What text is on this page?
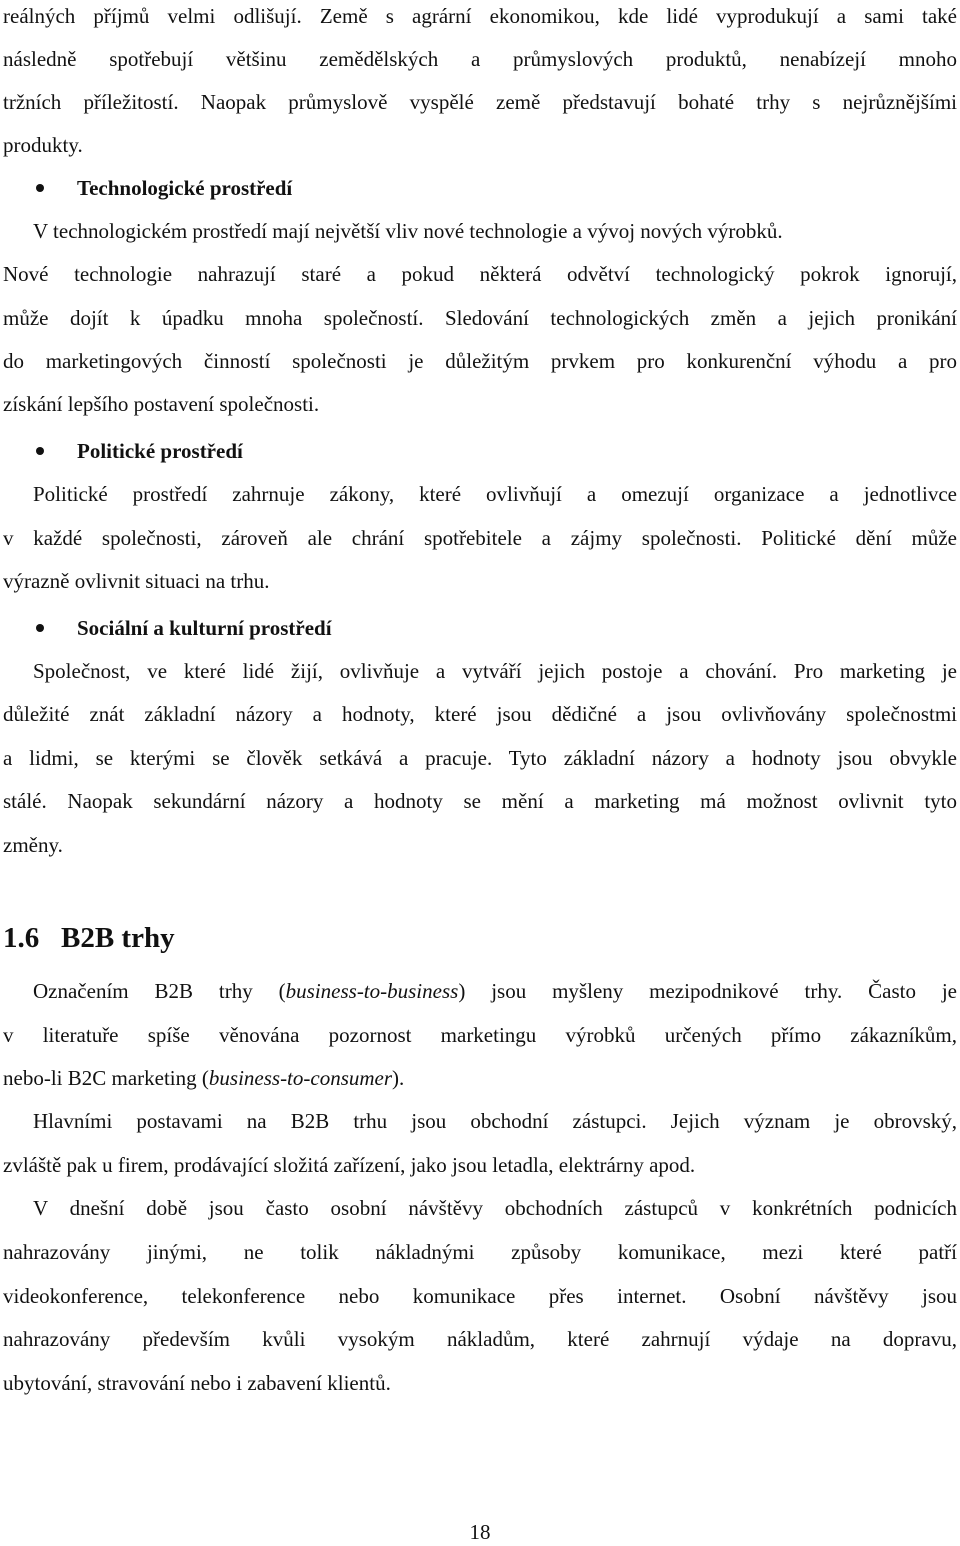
reálných příjmů velmi odlišují. Země s agrární ekonomikou, kde lidé vyprodukují a sami také
následně spotřebují většinu zemědělských a průmyslových produktů, nenabízejí mnoho
tržních příležitostí. Naopak průmyslově vyspělé země představují bohaté trhy s nejrůznějšími
produkty.
Technologické prostředí
V technologickém prostředí mají největší vliv nové technologie a vývoj nových výrobků.
Nové technologie nahrazují staré a pokud některá odvětví technologický pokrok ignorují,
může dojít k úpadku mnoha společností. Sledování technologických změn a jejich pronikání
do marketingových činností společnosti je důležitým prvkem pro konkurenční výhodu a pro
získání lepšího postavení společnosti.
Politické prostředí
Politické prostředí zahrnuje zákony, které ovlivňují a omezují organizace a jednotlivce
v každé společnosti, zároveň ale chrání spotřebitele a zájmy společnosti. Politické dění může
výrazně ovlivnit situaci na trhu.
Sociální a kulturní prostředí
Společnost, ve které lidé žijí, ovlivňuje a vytváří jejich postoje a chování. Pro marketing je
důležité znát základní názory a hodnoty, které jsou dědičné a jsou ovlivňovány společnostmi
a lidmi, se kterými se člověk setkává a pracuje. Tyto základní názory a hodnoty jsou obvykle
stálé. Naopak sekundární názory a hodnoty se mění a marketing má možnost ovlivnit tyto
změny.
1.6 B2B trhy
Označením B2B trhy (business-to-business) jsou myšleny mezipodnikové trhy. Často je
v literatuře spíše věnována pozornost marketingu výrobků určených přímo zákazníkům,
nebo-li B2C marketing (business-to-consumer).
Hlavními postavami na B2B trhu jsou obchodní zástupci. Jejich význam je obrovský,
zvláště pak u firem, prodávající složitá zařízení, jako jsou letadla, elektrárny apod.
V dnešní době jsou často osobní návštěvy obchodních zástupců v konkrétních podnicích
nahrazovány jinými, ne tolik nákladnými způsoby komunikace, mezi které patří
videokonference, telekonference nebo komunikace přes internet. Osobní návštěvy jsou
nahrazovány především kvůli vysokým nákladům, které zahrnují výdaje na dopravu,
ubytování, stravování nebo i zabavení klientů.
18
